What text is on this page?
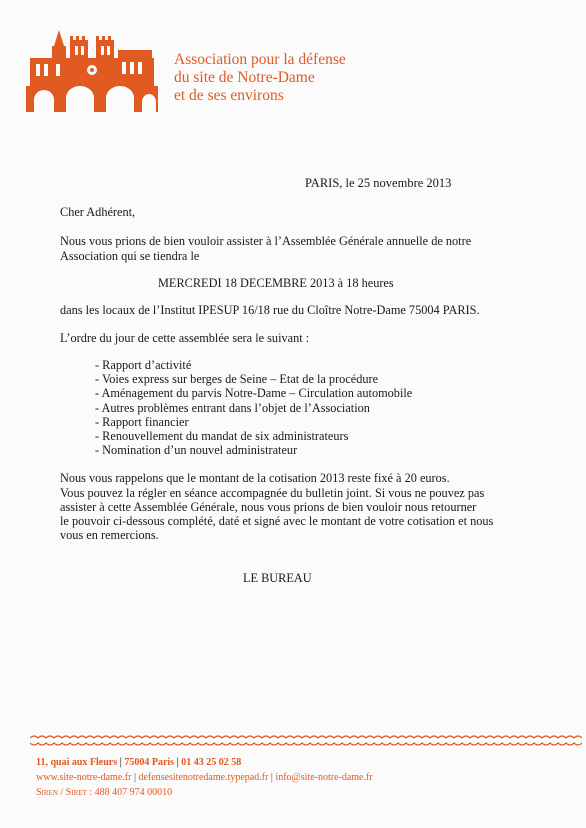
Association pour la défense
du site de Notre-Dame
et de ses environs
PARIS, le 25 novembre 2013
Cher Adhérent,
Nous vous prions de bien vouloir assister à l’Assemblée Générale annuelle de notre
Association qui se tiendra le
MERCREDI 18 DECEMBRE 2013 à 18 heures
dans les locaux de l’Institut IPESUP 16/18 rue du Cloître Notre-Dame 75004 PARIS.
L’ordre du jour de cette assemblée sera le suivant :
- Rapport d’activité
- Voies express sur berges de Seine – Etat de la procédure
- Aménagement du parvis Notre-Dame – Circulation automobile
- Autres problèmes entrant dans l’objet de l’Association
- Rapport financier
- Renouvellement du mandat de six administrateurs
- Nomination d’un nouvel administrateur
Nous vous rappelons que le montant de la cotisation 2013 reste fixé à 20 euros.
Vous pouvez la régler en séance accompagnée du bulletin joint. Si vous ne pouvez pas
assister à cette Assemblée Générale, nous vous prions de bien vouloir nous retourner
le pouvoir ci-dessous complété, daté et signé avec le montant de votre cotisation et nous
vous en remercions.
LE BUREAU
11, quai aux Fleurs | 75004 Paris | 01 43 25 02 58
www.site-notre-dame.fr | defensesitenotredame.typepad.fr | info@site-notre-dame.fr
Siren / Siret : 488 407 974 00010
